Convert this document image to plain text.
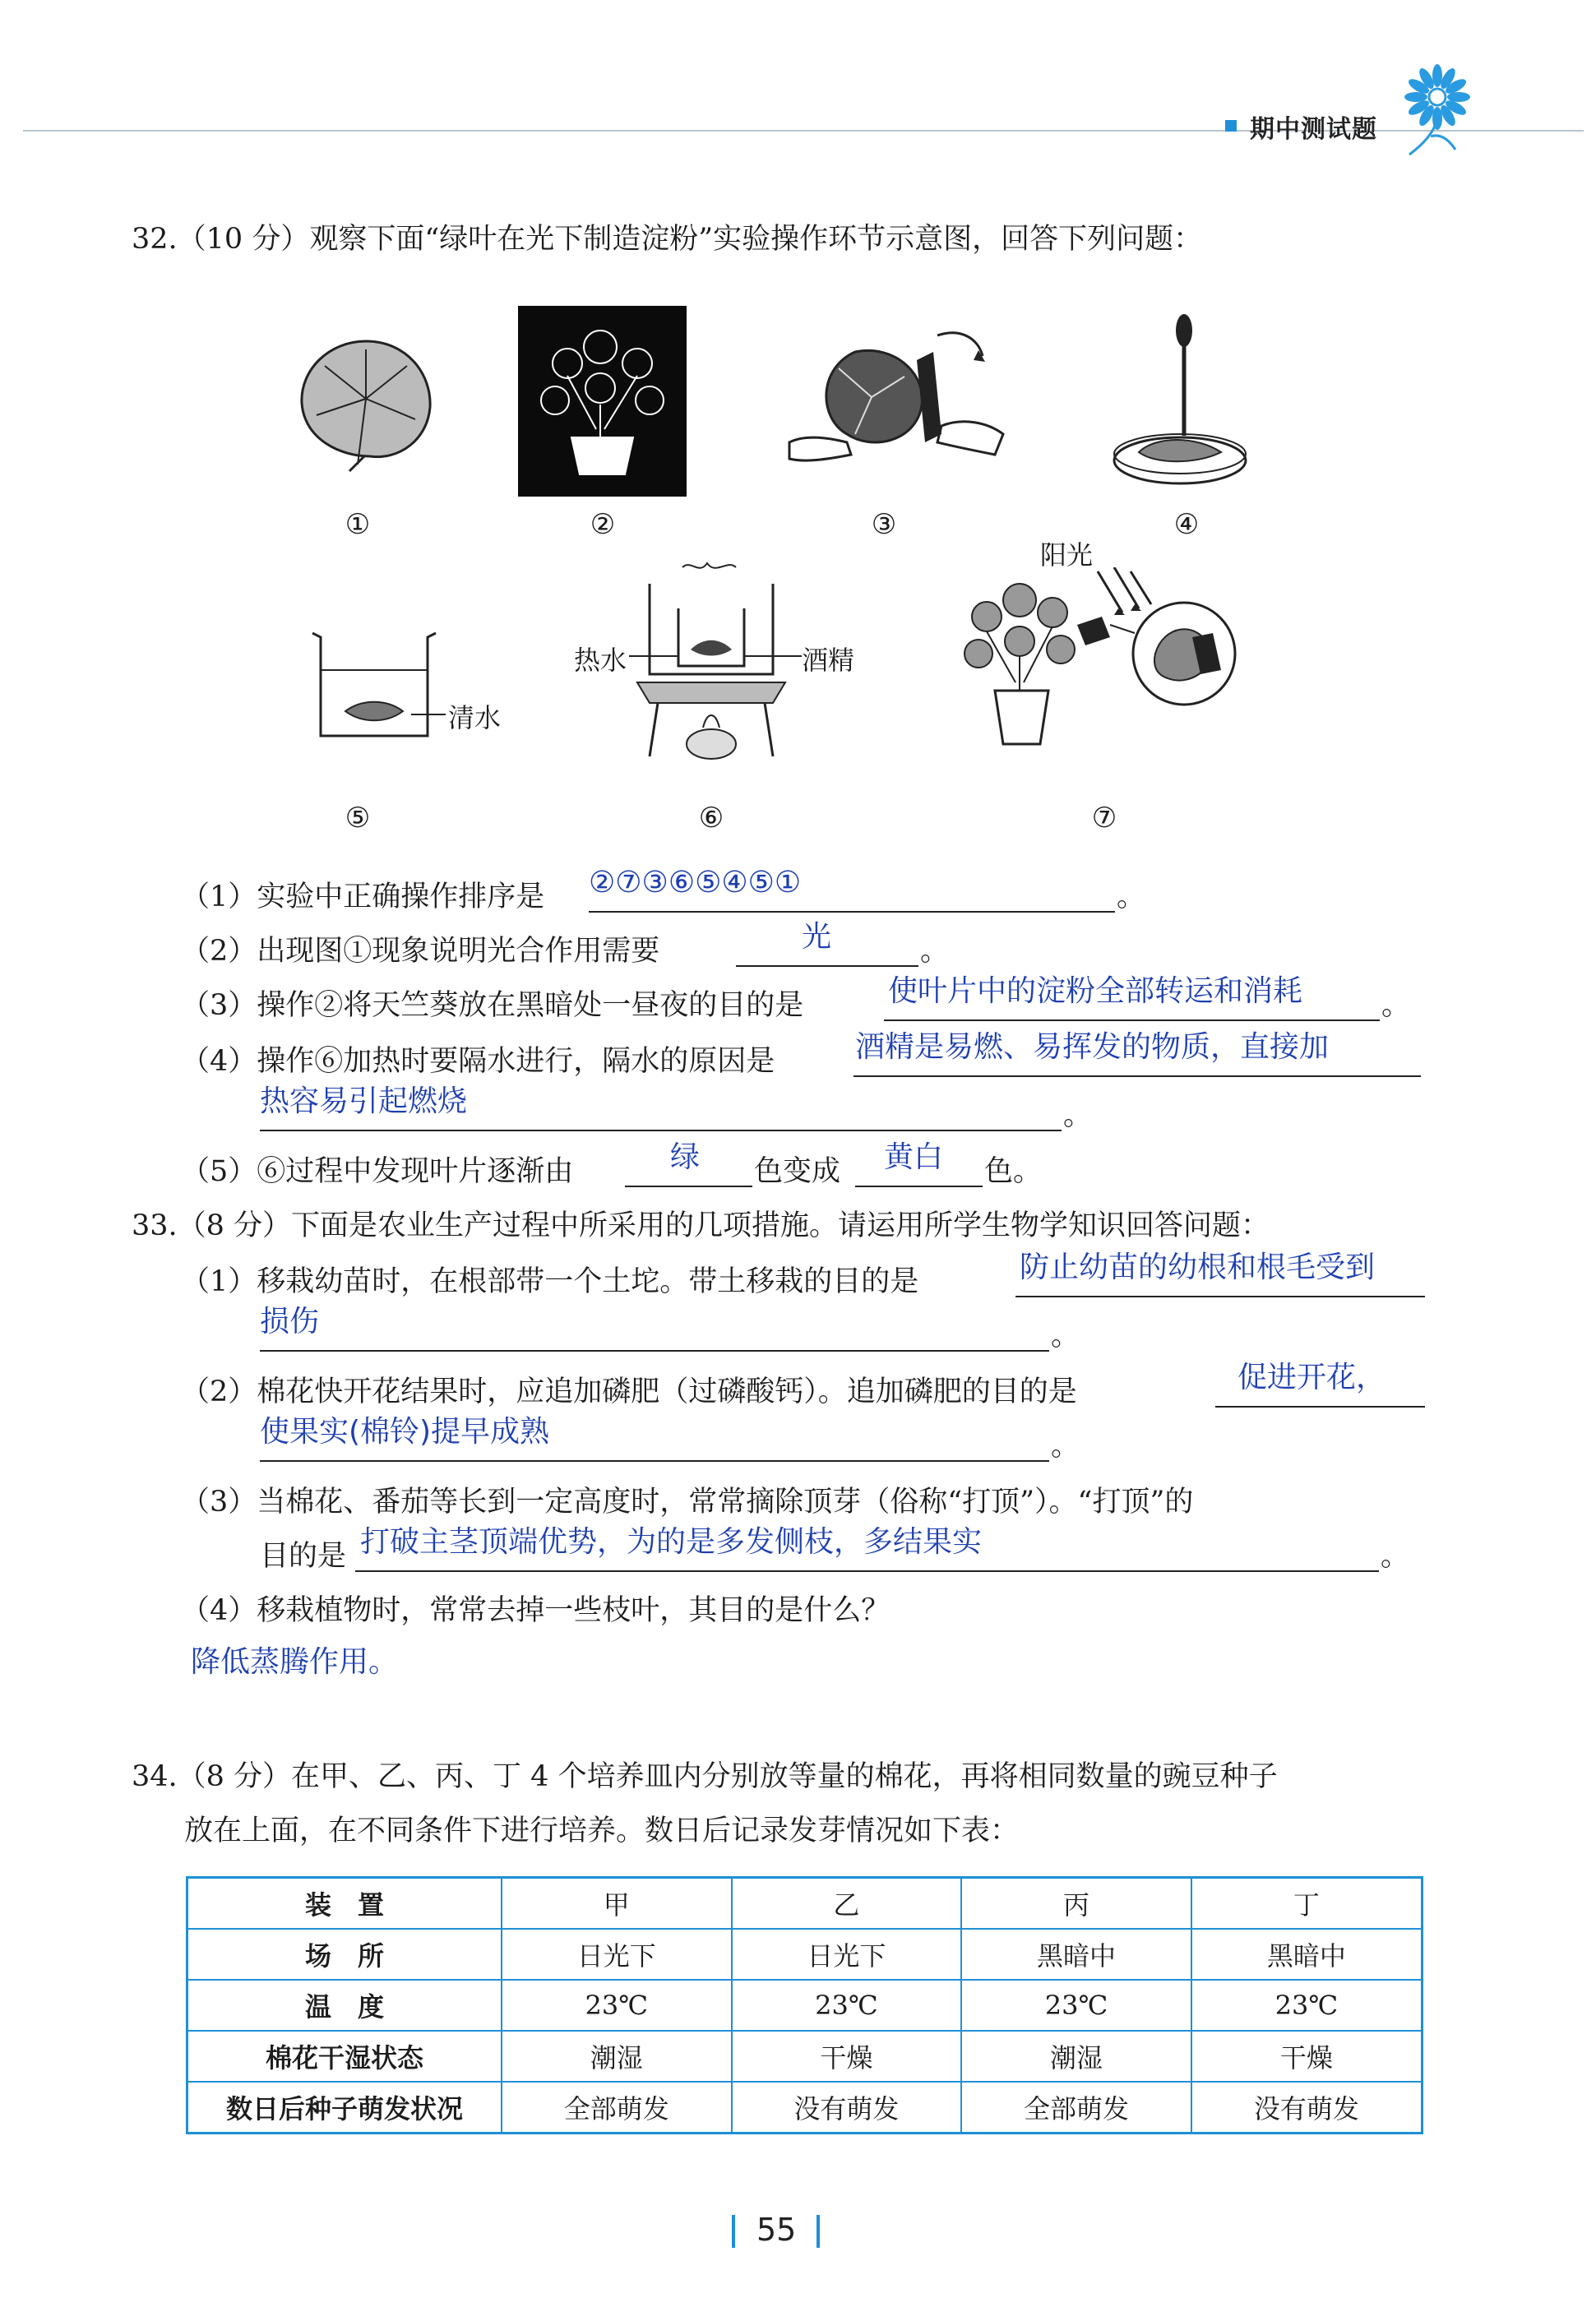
期中测试题
32.（10 分）观察下面“绿叶在光下制造淀粉”实验操作环节示意图，回答下列问题：
①	②	③	④
清水
热水	酒精
阳光
⑤	⑥	⑦
（1）实验中正确操作排序是 ②⑦③⑥⑤④⑤①	。
（2）出现图①现象说明光合作用需要	光	。
（3）操作②将天竺葵放在黑暗处一昼夜的目的是	使叶片中的淀粉全部转运和消耗	。
（4）操作⑥加热时要隔水进行，隔水的原因是	酒精是易燃、易挥发的物质，直接加
热容易引起燃烧	。
（5）⑥过程中发现叶片逐渐由	绿 色变成 黄白 色。
33.（8 分）下面是农业生产过程中所采用的几项措施。请运用所学生物学知识回答问题：
（1）移栽幼苗时，在根部带一个土坨。带土移栽的目的是	防止幼苗的幼根和根毛受到
损伤	。
（2）棉花快开花结果时，应追加磷肥（过磷酸钙）。追加磷肥的目的是	促进开花，
使果实(棉铃)提早成熟	。
（3）当棉花、番茄等长到一定高度时，常常摘除顶芽（俗称“打顶”）。“打顶”的
目的是 打破主茎顶端优势，为的是多发侧枝，多结果实	。
（4）移栽植物时，常常去掉一些枝叶，其目的是什么？
降低蒸腾作用。
34.（8 分）在甲、乙、丙、丁 4 个培养皿内分别放等量的棉花，再将相同数量的豌豆种子
放在上面，在不同条件下进行培养。数日后记录发芽情况如下表：
装　置	甲	乙	丙	丁
场　所	日光下	日光下	黑暗中	黑暗中
温　度	23℃	23℃	23℃	23℃
棉花干湿状态	潮湿	干燥	潮湿	干燥
数日后种子萌发状况	全部萌发	没有萌发	全部萌发	没有萌发
55
